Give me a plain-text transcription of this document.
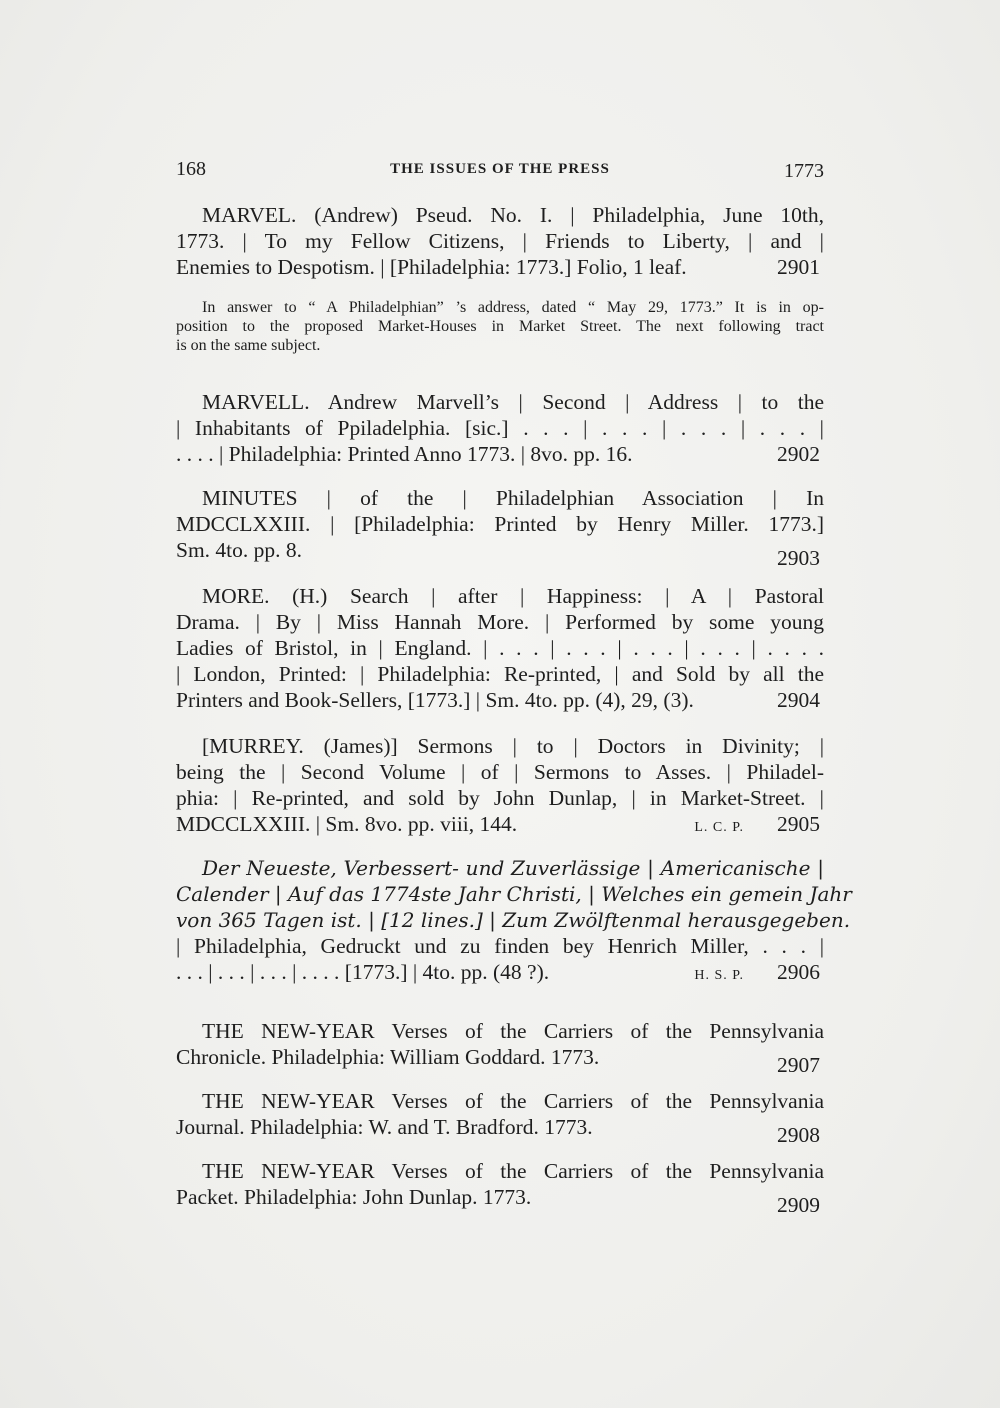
168	THE ISSUES OF THE PRESS	1773
MARVEL. (Andrew) Pseud. No. I. | Philadelphia, June 10th,
1773. | To my Fellow Citizens, | Friends to Liberty, | and |
Enemies to Despotism. | [Philadelphia: 1773.] Folio, 1 leaf.	2901
In answer to “ A Philadelphian” ’s address, dated “ May 29, 1773.” It is in op-
position to the proposed Market-Houses in Market Street. The next following tract
is on the same subject.
MARVELL. Andrew Marvell’s | Second | Address | to the
| Inhabitants of Ppiladelphia. [sic.] . . . | . . . | . . . | . . . |
. . . . | Philadelphia: Printed Anno 1773. | 8vo. pp. 16.	2902
MINUTES | of the | Philadelphian Association | In
MDCCLXXIII. | [Philadelphia: Printed by Henry Miller. 1773.]
Sm. 4to. pp. 8.	2903
MORE. (H.) Search | after | Happiness: | A | Pastoral
Drama. | By | Miss Hannah More. | Performed by some young
Ladies of Bristol, in | England. | . . . | . . . | . . . | . . . | . . . .
| London, Printed: | Philadelphia: Re-printed, | and Sold by all the
Printers and Book-Sellers, [1773.] | Sm. 4to. pp. (4), 29, (3).	2904
[MURREY. (James)] Sermons | to | Doctors in Divinity; |
being the | Second Volume | of | Sermons to Asses. | Philadel-
phia: | Re-printed, and sold by John Dunlap, | in Market-Street. |
MDCCLXXIII. | Sm. 8vo. pp. viii, 144.	L. C. P. 2905
Der Neueste, Verbessert- und Zuverlässige | Americanische |
Calender | Auf das 1774ste Jahr Christi, | Welches ein gemein Jahr
von 365 Tagen ist. | [12 lines.] | Zum Zwölftenmal herausgegeben.
| Philadelphia, Gedruckt und zu finden bey Henrich Miller, . . . |
. . . | . . . | . . . | . . . . [1773.] | 4to. pp. (48 ?).	H. S. P. 2906
THE NEW-YEAR Verses of the Carriers of the Pennsylvania
Chronicle. Philadelphia: William Goddard. 1773.	2907
THE NEW-YEAR Verses of the Carriers of the Pennsylvania
Journal. Philadelphia: W. and T. Bradford. 1773.	2908
THE NEW-YEAR Verses of the Carriers of the Pennsylvania
Packet. Philadelphia: John Dunlap. 1773.	2909
